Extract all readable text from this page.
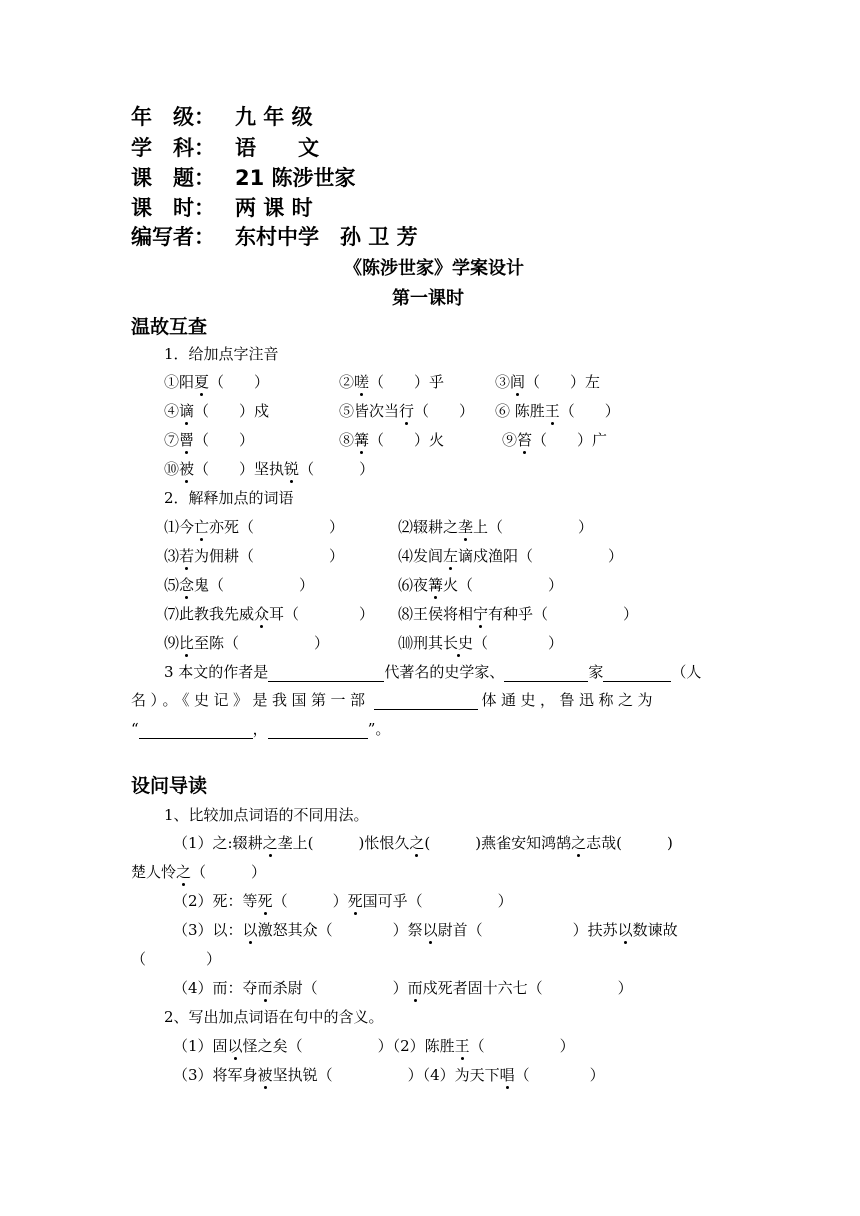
年　级： 九 年 级
学　科： 语　　文
课　题： 21 陈涉世家
课　时： 两 课 时
编写者： 东村中学　孙 卫 芳
《陈涉世家》学案设计
第一课时
温故互查
1．给加点字注音
①阳夏（　　）	②嗟（　　）乎	③闾（　　）左
④谪（　　）戍	⑤皆次当行（　　） ⑥ 陈胜王（　　）
⑦罾（　　）	⑧篝（　　）火	⑨笞（　　）广
⑩被（　　）坚执锐（　　　）
2．解释加点的词语
⑴今亡亦死（　　　　　）	⑵辍耕之垄上（　　　　　）
⑶若为佣耕（　　　　　）	⑷发闾左谪戍渔阳（　　　　　）
⑸念鬼（　　　　　）	⑹夜篝火（　　　　　）
⑺此教我先威众耳（　　　　） ⑻王侯将相宁有种乎（　　　　　）
⑼比至陈（　　　　　）	⑽刑其长史（　　　　）
3 本文的作者是	代著名的史学家、	家	（人
名）。《史记》是我国第一部	体通史，鲁迅称之为
“	，	”。
设问导读
1、比较加点词语的不同用法。
（1）之:辍耕之垄上(　　　)怅恨久之(　　　)燕雀安知鸿鹄之志哉(　　　)
楚人怜之（　　　）
（2）死：等死（　　　）死国可乎（　　　　　）
（3）以：以激怒其众（　　　　）祭以尉首（　　　　　　）扶苏以数谏故
（　　　　）
（4）而：夺而杀尉（　　　　　）而戍死者固十六七（　　　　　）
2、写出加点词语在句中的含义。
（1）固以怪之矣（　　　　　）（2）陈胜王（　　　　　）
（3）将军身被坚执锐（　　　　　）（4）为天下唱（　　　　）
